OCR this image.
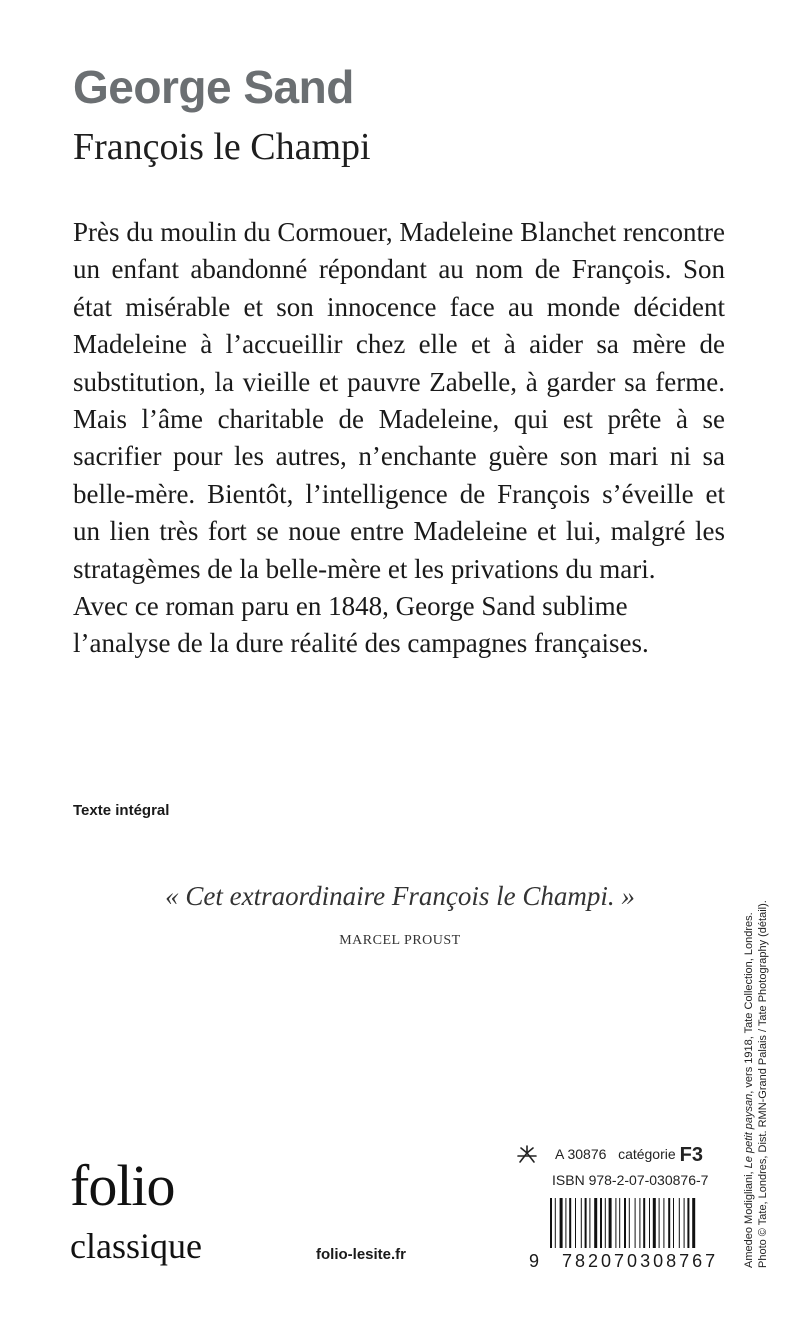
George Sand
François le Champi

Près du moulin du Cormouer, Madeleine Blanchet rencontre un enfant abandonné répondant au nom de François. Son état misérable et son innocence face au monde décident Madeleine à l’accueillir chez elle et à aider sa mère de substitution, la vieille et pauvre Zabelle, à garder sa ferme. Mais l’âme charitable de Madeleine, qui est prête à se sacrifier pour les autres, n’enchante guère son mari ni sa belle-mère. Bientôt, l’intelligence de François s’éveille et un lien très fort se noue entre Madeleine et lui, malgré les stratagèmes de la belle-mère et les privations du mari.

Avec ce roman paru en 1848, George Sand sublime l’analyse de la dure réalité des campagnes françaises.

Texte intégral
« Cet extraordinaire François le Champi. »
MARCEL PROUST
folio
classique	folio-lesite.fr
A 30876 catégorie F3
ISBN 978-2-07-030876-7
9 782070308767 Amedeo Modigliani, Le petit paysan, vers 1918, Tate Collection, Londres. Photo © Tate, Londres, Dist. RMN-Grand Palais / Tate Photography (détail).
